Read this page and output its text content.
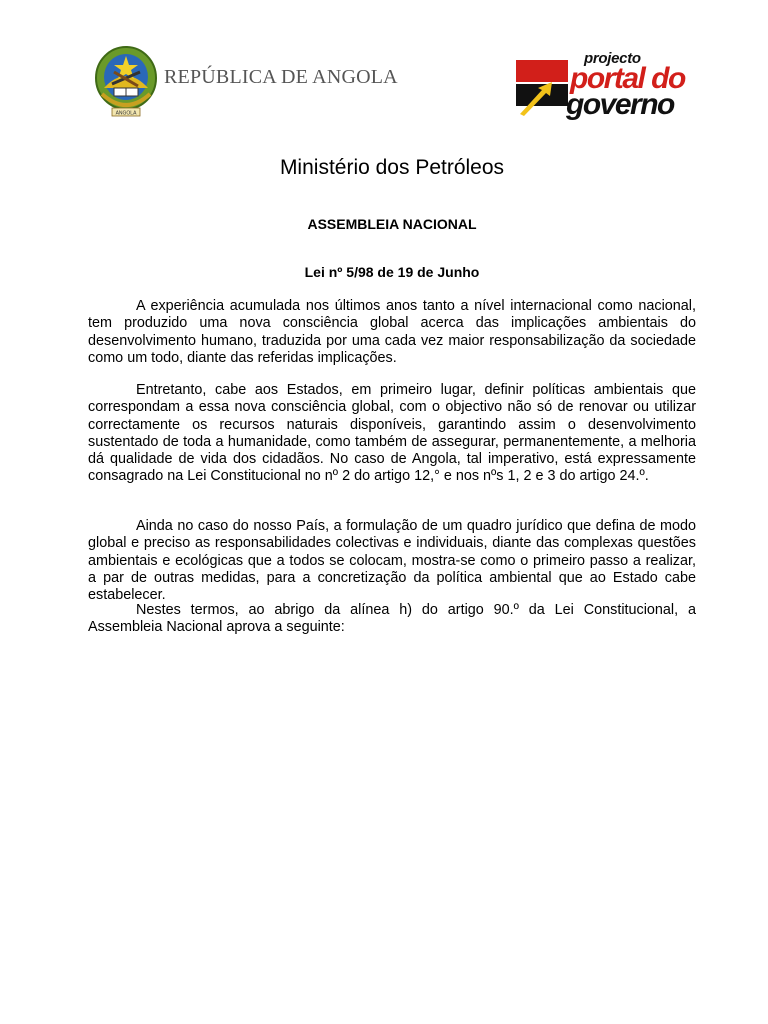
ANGOLA
REPÚBLICA DE ANGOLA
projecto
portal do
governo
Ministério dos Petróleos
ASSEMBLEIA NACIONAL
Lei nº 5/98 de 19 de Junho

A experiência acumulada nos últimos anos tanto a nível internacional como nacional, tem produzido uma nova consciência global acerca das implicações ambientais do desenvolvimento humano, traduzida por uma cada vez maior responsabilização da sociedade como um todo, diante das referidas implicações.

Entretanto, cabe aos Estados, em primeiro lugar, definir políticas ambientais que correspondam a essa nova consciência global, com o objectivo não só de renovar ou utilizar correctamente os recursos naturais disponíveis, garantindo assim o desenvolvimento sustentado de toda a humanidade, como também de assegurar, permanentemente, a melhoria dá qualidade de vida dos cidadãos. No caso de Angola, tal imperativo, está expressamente consagrado na Lei Constitucional no nº 2 do artigo 12,° e nos nºs 1, 2 e 3 do artigo 24.º.

Ainda no caso do nosso País, a formulação de um quadro jurídico que defina de modo global e preciso as responsabilidades colectivas e individuais, diante das complexas questões ambientais e ecológicas que a todos se colocam, mostra-se como o primeiro passo a realizar, a par de outras medidas, para a concretização da política ambiental que ao Estado cabe estabelecer.

Nestes termos, ao abrigo da alínea h) do artigo 90.º da Lei Constitucional, a Assembleia Nacional aprova a seguinte:
